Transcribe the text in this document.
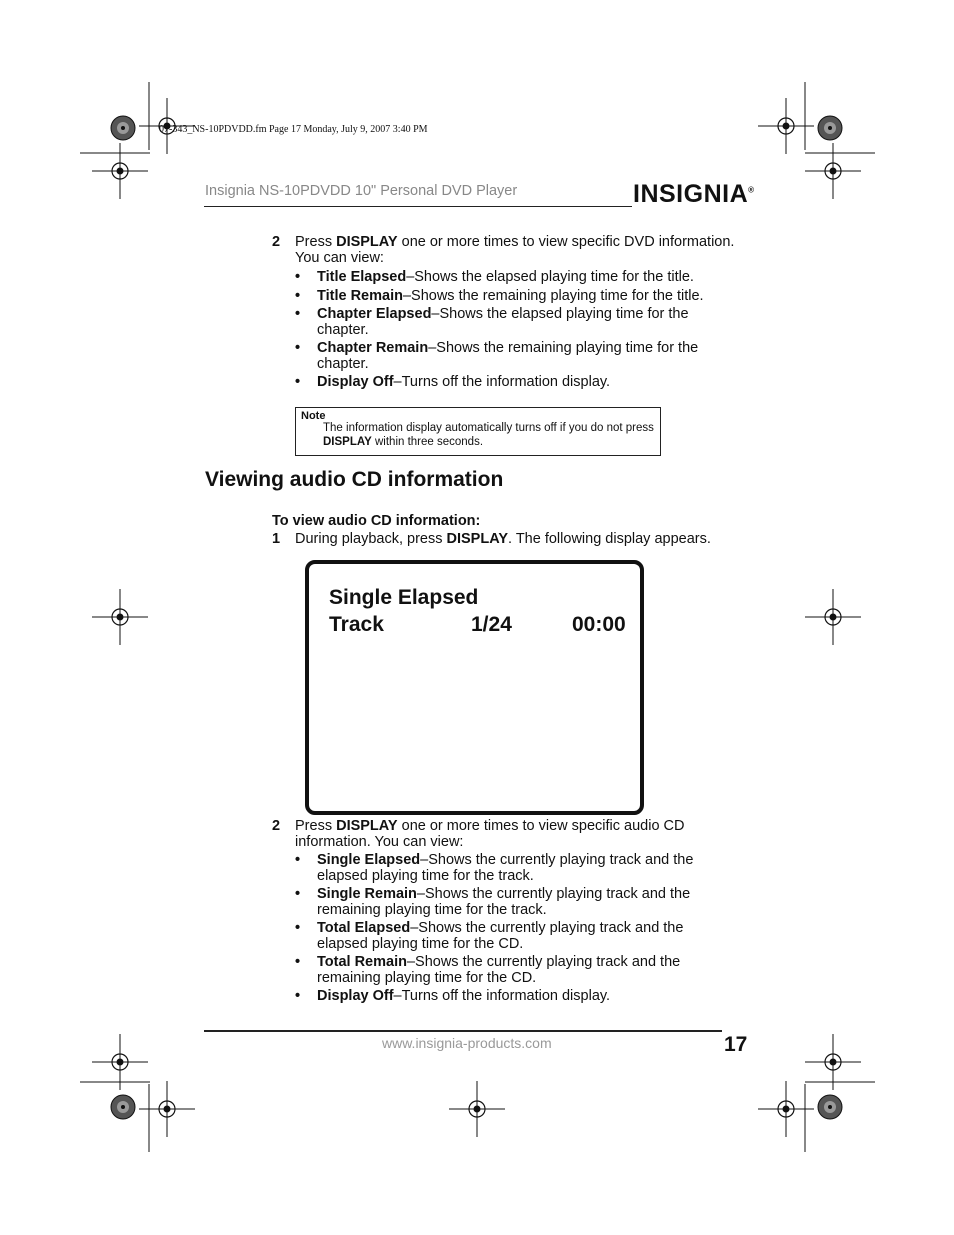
07-343_NS-10PDVDD.fm Page 17 Monday, July 9, 2007 3:40 PM
Insignia NS-10PDVDD 10" Personal DVD Player	INSIGNIA®
2 Press DISPLAY one or more times to view specific DVD information. You can view:
• Title Elapsed–Shows the elapsed playing time for the title.
• Title Remain–Shows the remaining playing time for the title.
• Chapter Elapsed–Shows the elapsed playing time for the chapter.
• Chapter Remain–Shows the remaining playing time for the chapter.
• Display Off–Turns off the information display.
Note
The information display automatically turns off if you do not press DISPLAY within three seconds.
Viewing audio CD information
To view audio CD information:
1 During playback, press DISPLAY. The following display appears.
Single Elapsed
Track	1/24	00:00
2 Press DISPLAY one or more times to view specific audio CD information. You can view:
• Single Elapsed–Shows the currently playing track and the elapsed playing time for the track.
• Single Remain–Shows the currently playing track and the remaining playing time for the track.
• Total Elapsed–Shows the currently playing track and the elapsed playing time for the CD.
• Total Remain–Shows the currently playing track and the remaining playing time for the CD.
• Display Off–Turns off the information display.
www.insignia-products.com	17
